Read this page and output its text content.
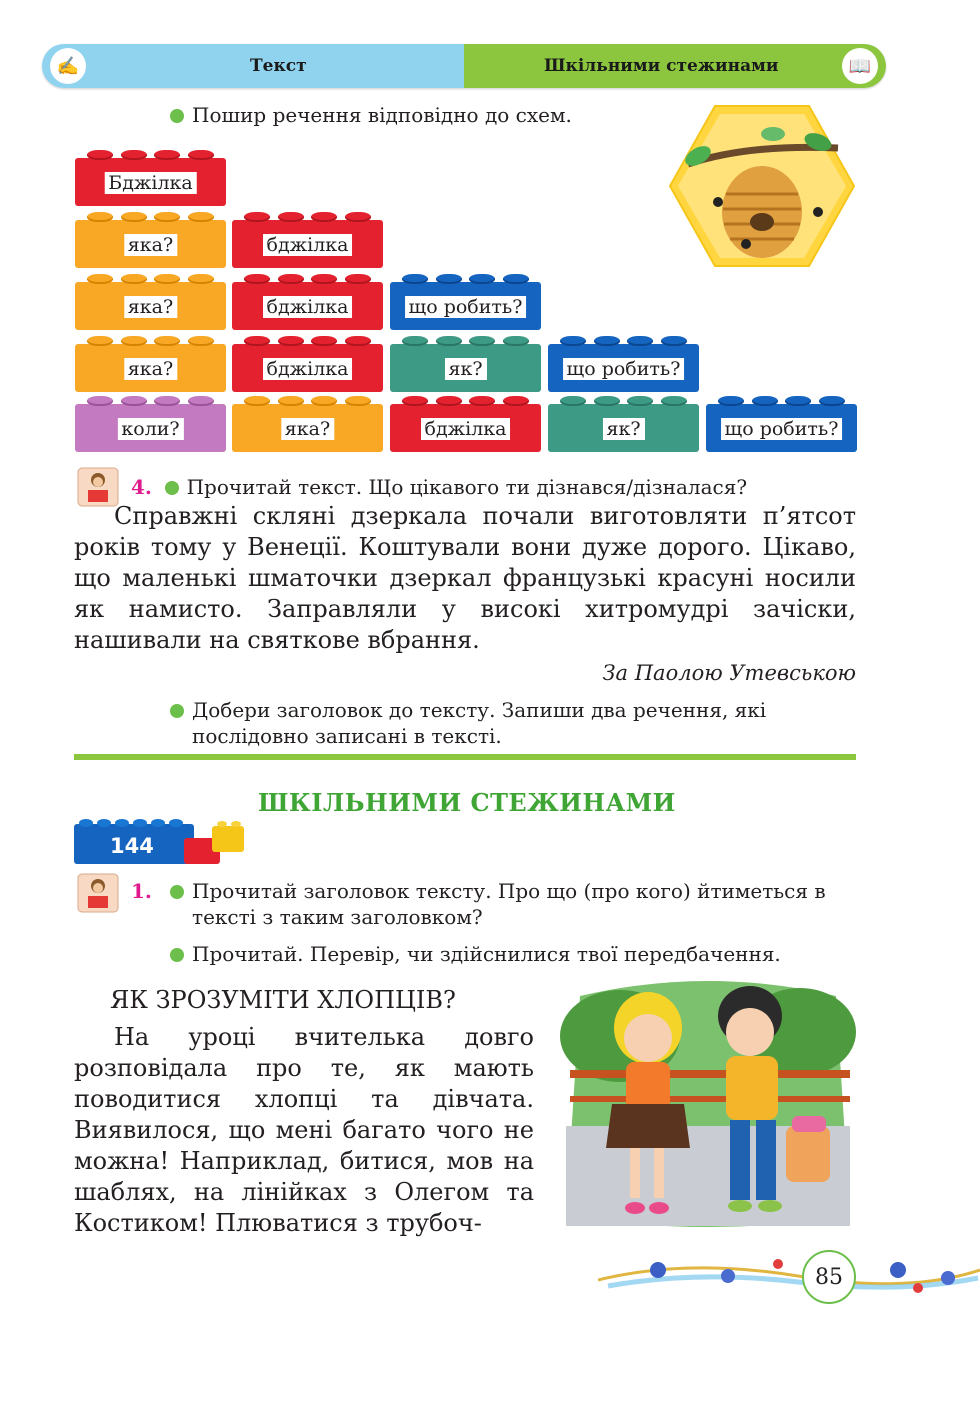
✍	Текст	Шкільними стежинами	📖
Пошир речення відповідно до схем.
Бджілка
яка?	бджілка
яка?	бджілка	що робить?
яка?	бджілка	як?	що робить?
коли?	яка?	бджілка	як?	що робить?
4. Прочитай текст. Що цікавого ти дізнався/дізналася?
Справжні скляні дзеркала почали виготовляти п’ятсот років тому у Венеції. Коштували вони дуже дорого. Цікаво, що маленькі шматочки дзеркал французькі красуні носили як намисто. Заправляли у високі хитромудрі зачіски, нашивали на святкове вбрання.
За Паолою Утевською
Добери заголовок до тексту. Запиши два речення, які послідовно записані в тексті.
ШКІЛЬНИМИ СТЕЖИНАМИ
144
1.	Прочитай заголовок тексту. Про що (про кого) йтиметься в тексті з таким заголовком?
Прочитай. Перевір, чи здійснилися твої передбачення.
ЯК ЗРОЗУМІТИ ХЛОПЦІВ?
На уроці вчителька довго розповідала про те, як мають поводитися хлопці та дівчата. Виявилося, що мені багато чого не можна! Наприклад, битися, мов на шаблях, на лінійках з Олегом та Костиком! Плюватися з трубоч-
85
